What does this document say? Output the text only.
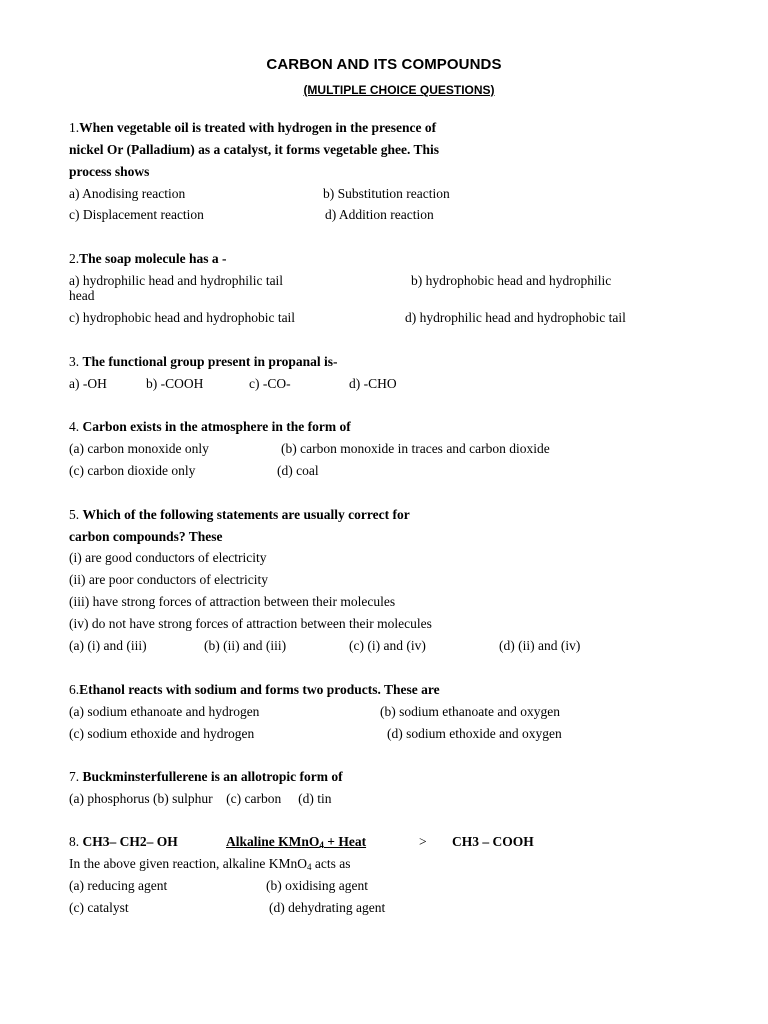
CARBON AND ITS COMPOUNDS
(MULTIPLE CHOICE QUESTIONS)
1.When vegetable oil is treated with hydrogen in the presence of
nickel Or (Palladium) as a catalyst, it forms vegetable ghee. This
process shows
a) Anodising reaction	b) Substitution reaction
c) Displacement reaction	d) Addition reaction
2.The soap molecule has a -
a) hydrophilic head and hydrophilic tail	b) hydrophobic head and hydrophilic
head
c) hydrophobic head and hydrophobic tail	d) hydrophilic head and hydrophobic tail
3. The functional group present in propanal is-
a) -OH	b) -COOH	c) -CO-	d) -CHO
4. Carbon exists in the atmosphere in the form of
(a) carbon monoxide only	(b) carbon monoxide in traces and carbon dioxide
(c) carbon dioxide only	(d) coal
5. Which of the following statements are usually correct for
carbon compounds? These
(i) are good conductors of electricity
(ii) are poor conductors of electricity
(iii) have strong forces of attraction between their molecules
(iv) do not have strong forces of attraction between their molecules
(a) (i) and (iii)	(b) (ii) and (iii)	(c) (i) and (iv)	(d) (ii) and (iv)
6.Ethanol reacts with sodium and forms two products. These are
(a) sodium ethanoate and hydrogen	(b) sodium ethanoate and oxygen
(c) sodium ethoxide and hydrogen	(d) sodium ethoxide and oxygen
7. Buckminsterfullerene is an allotropic form of
(a) phosphorus (b) sulphur (c) carbon (d) tin
8. CH3– CH2– OH	Alkaline KMnO$_4$ + Heat	> CH3 – COOH
In the above given reaction, alkaline KMnO$_4$ acts as
(a) reducing agent	(b) oxidising agent
(c) catalyst	(d) dehydrating agent
